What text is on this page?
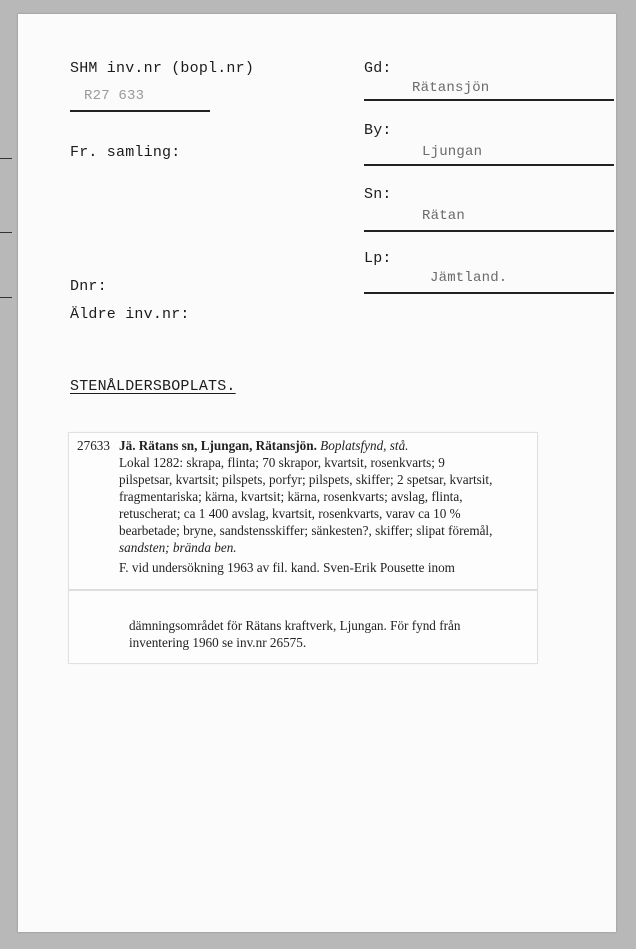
SHM inv.nr (bopl.nr)
R27 633
Fr. samling:
Dnr:
Äldre inv.nr:
Gd:
Rätansjön
By:
Ljungan
Sn:
Rätan
Lp:
Jämtland.
STENÅLDERSBOPLATS.
27633 Jä. Rätans sn, Ljungan, Rätansjön. Boplatsfynd, stå.
Lokal 1282: skrapa, flinta; 70 skrapor, kvartsit, rosenkvarts; 9
pilspetsar, kvartsit; pilspets, porfyr; pilspets, skiffer; 2 spetsar, kvartsit,
fragmentariska; kärna, kvartsit; kärna, rosenkvarts; avslag, flinta,
retuscherat; ca 1 400 avslag, kvartsit, rosenkvarts, varav ca 10 %
bearbetade; bryne, sandstensskiffer; sänkesten?, skiffer; slipat föremål,
sandsten; brända ben.
F. vid undersökning 1963 av fil. kand. Sven-Erik Pousette inom
dämningsområdet för Rätans kraftverk, Ljungan. För fynd från
inventering 1960 se inv.nr 26575.
